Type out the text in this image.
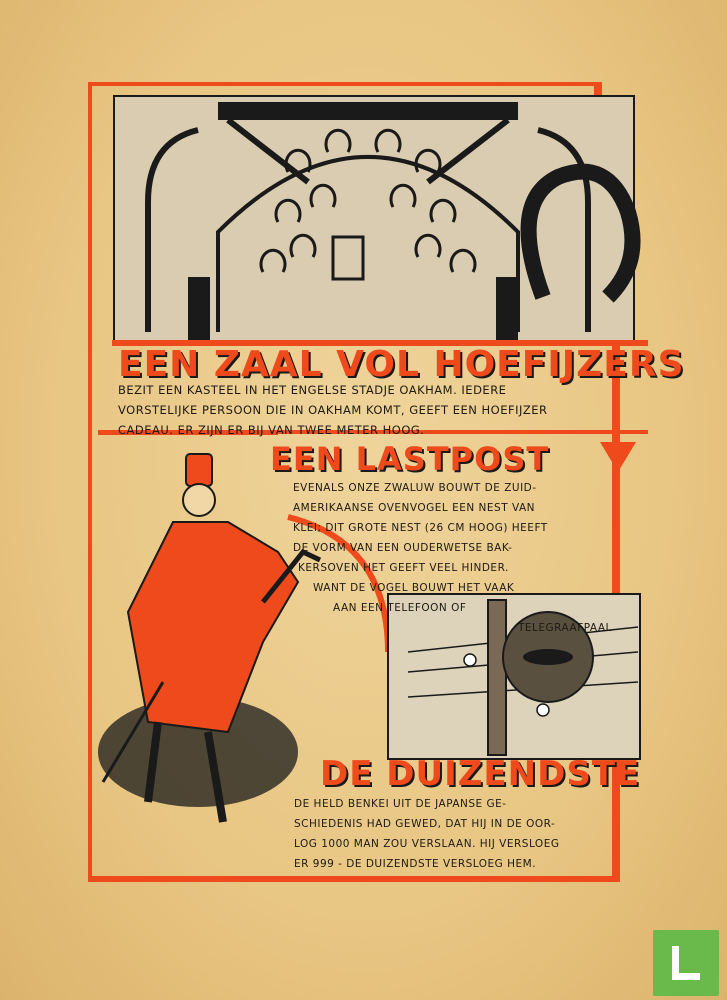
EEN ZAAL VOL HOEFIJZERS

BEZIT EEN KASTEEL IN HET ENGELSE STADJE OAKHAM. IEDERE
VORSTELIJKE PERSOON DIE IN OAKHAM KOMT, GEEFT EEN HOEFIJZER
CADEAU. ER ZIJN ER BIJ VAN TWEE METER HOOG.

EEN LASTPOST

EVENALS ONZE ZWALUW BOUWT DE ZUID-
AMERIKAANSE OVENVOGEL EEN NEST VAN
KLEI; DIT GROTE NEST (26 CM HOOG) HEEFT
DE VORM VAN EEN OUDERWETSE BAK-
KERSOVEN HET GEEFT VEEL HINDER.
WANT DE VOGEL BOUWT HET VAAK
AAN EEN TELEFOON OF
TELEGRAAFPAAL

DE DUIZENDSTE

DE HELD BENKEI UIT DE JAPANSE GE-
SCHIEDENIS HAD GEWED, DAT HIJ IN DE OOR-
LOG 1000 MAN ZOU VERSLAAN. HIJ VERSLOEG
ER 999 - DE DUIZENDSTE VERSLOEG HEM.
